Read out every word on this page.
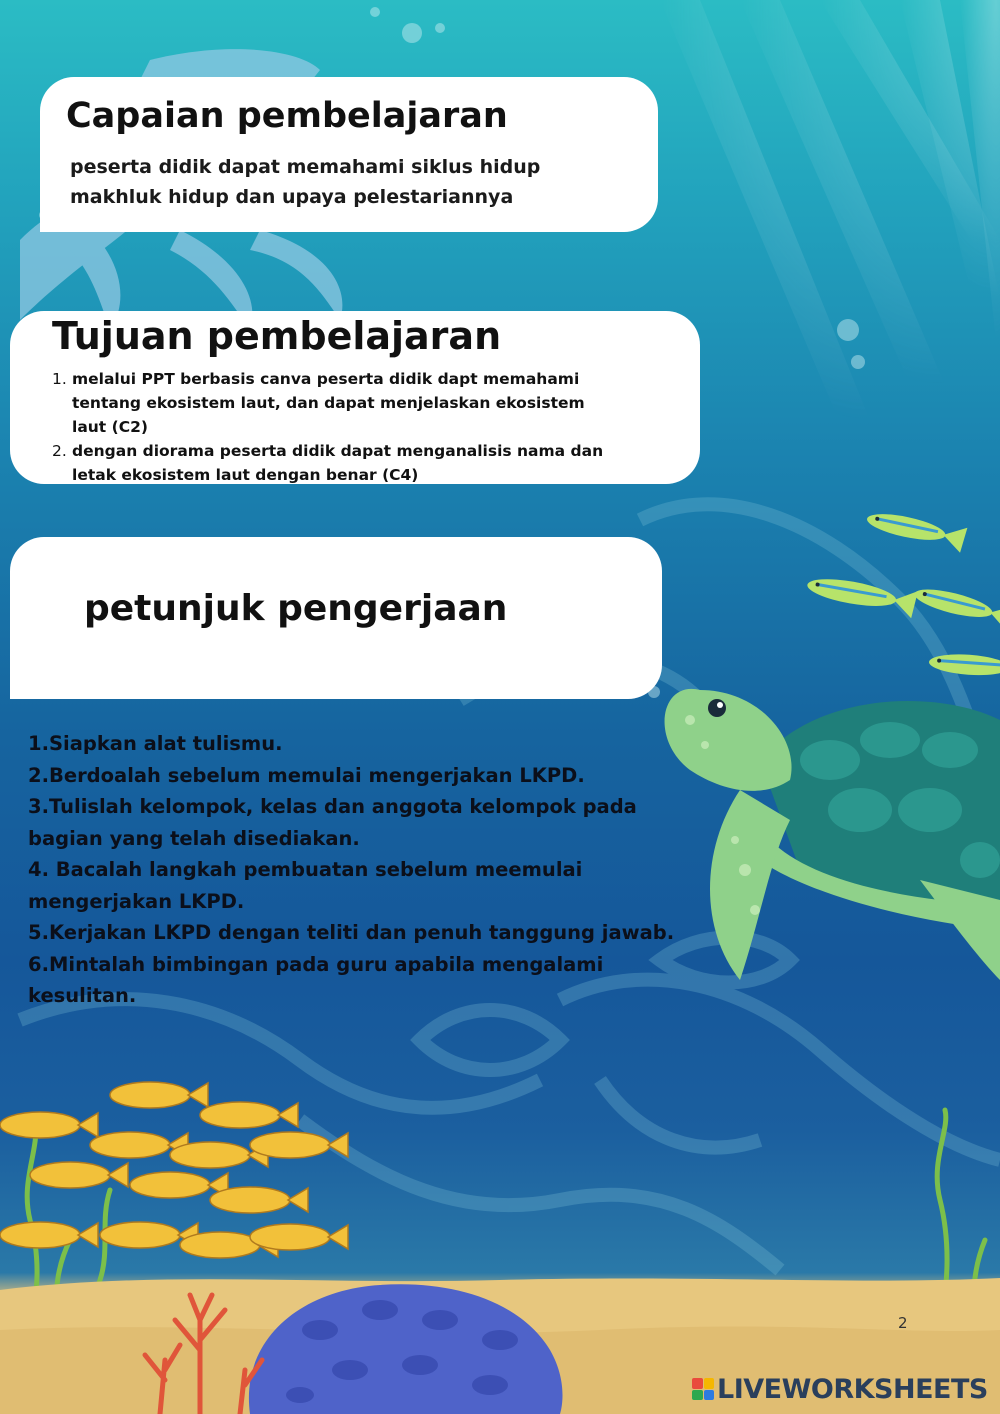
Capaian pembelajaran

peserta didik dapat memahami siklus hidup makhluk hidup dan upaya pelestariannya

Tujuan pembelajaran
1. melalui PPT berbasis canva peserta didik dapt memahami tentang ekosistem laut, dan dapat menjelaskan ekosistem laut (C2)
2. dengan diorama peserta didik dapat menganalisis nama dan letak ekosistem laut dengan benar (C4)
petunjuk pengerjaan
1.Siapkan alat tulismu.
2.Berdoalah sebelum memulai mengerjakan LKPD.
3.Tulislah kelompok, kelas dan anggota kelompok pada bagian yang telah disediakan.
4. Bacalah langkah pembuatan sebelum meemulai mengerjakan LKPD.
5.Kerjakan LKPD dengan teliti dan penuh tanggung jawab.
6.Mintalah bimbingan pada guru apabila mengalami kesulitan.
2
LIVEWORKSHEETS
